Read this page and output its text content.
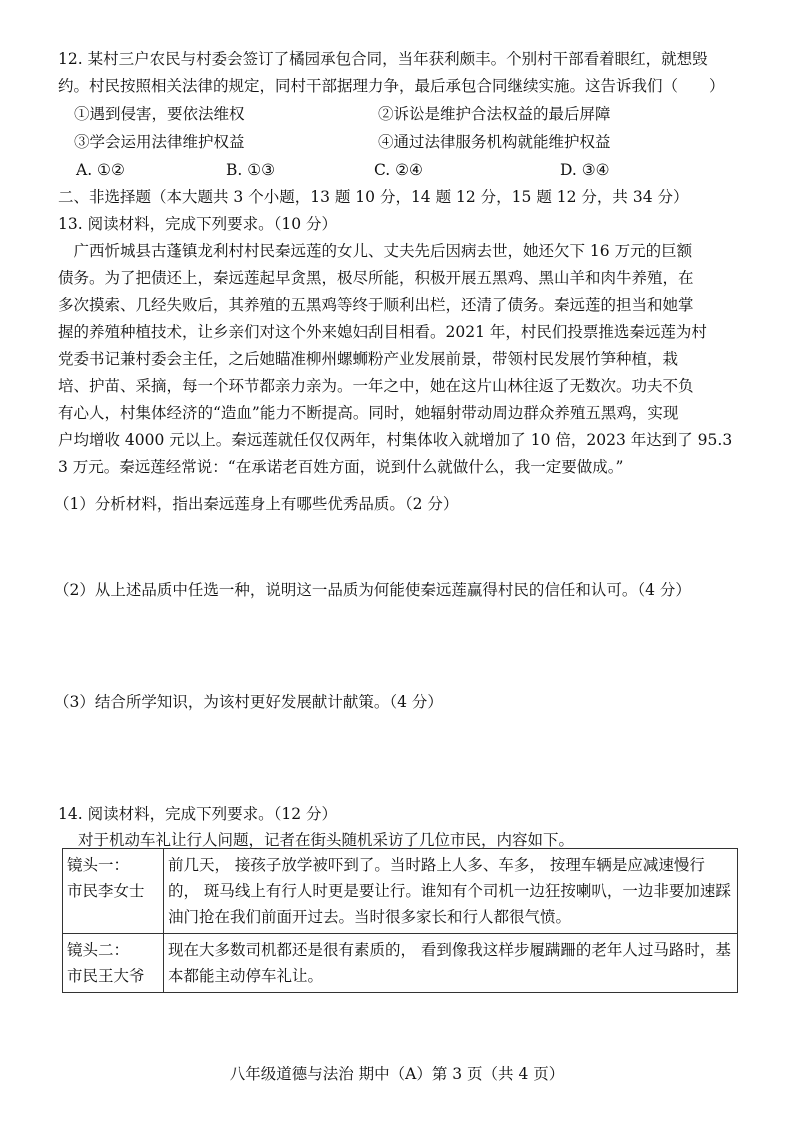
12. 某村三户农民与村委会签订了橘园承包合同，当年获利颇丰。个别村干部看着眼红，就想毁
约。村民按照相关法律的规定，同村干部据理力争，最后承包合同继续实施。这告诉我们（　　）
①遇到侵害，要依法维权	②诉讼是维护合法权益的最后屏障
③学会运用法律维护权益	④通过法律服务机构就能维护权益
A. ①②	B. ①③	C. ②④	D. ③④
二、非选择题（本大题共 3 个小题，13 题 10 分，14 题 12 分，15 题 12 分，共 34 分）
13. 阅读材料，完成下列要求。（10 分）
　广西忻城县古蓬镇龙利村村民秦远莲的女儿、丈夫先后因病去世，她还欠下 16 万元的巨额
债务。为了把债还上，秦远莲起早贪黑，极尽所能，积极开展五黑鸡、黑山羊和肉牛养殖，在
多次摸索、几经失败后，其养殖的五黑鸡等终于顺利出栏，还清了债务。秦远莲的担当和她掌
握的养殖种植技术，让乡亲们对这个外来媳妇刮目相看。2021 年，村民们投票推选秦远莲为村
党委书记兼村委会主任，之后她瞄准柳州螺蛳粉产业发展前景，带领村民发展竹笋种植，栽
培、护苗、采摘，每一个环节都亲力亲为。一年之中，她在这片山林往返了无数次。功夫不负
有心人，村集体经济的“造血”能力不断提高。同时，她辐射带动周边群众养殖五黑鸡，实现
户均增收 4000 元以上。秦远莲就任仅仅两年，村集体收入就增加了 10 倍，2023 年达到了 95.3
3 万元。秦远莲经常说：“在承诺老百姓方面，说到什么就做什么，我一定要做成。”
（1）分析材料，指出秦远莲身上有哪些优秀品质。（2 分）
（2）从上述品质中任选一种，说明这一品质为何能使秦远莲赢得村民的信任和认可。（4 分）
（3）结合所学知识，为该村更好发展献计献策。（4 分）
14. 阅读材料，完成下列要求。（12 分）
对于机动车礼让行人问题，记者在街头随机采访了几位市民，内容如下。
镜头一：
市民李女士	前几天， 接孩子放学被吓到了。当时路上人多、车多， 按理车辆是应减速慢行的， 斑马线上有行人时更是要让行。谁知有个司机一边狂按喇叭，一边非要加速踩油门抢在我们前面开过去。当时很多家长和行人都很气愤。
镜头二：
市民王大爷	现在大多数司机都还是很有素质的， 看到像我这样步履蹒跚的老年人过马路时，基本都能主动停车礼让。
八年级道德与法治 期中（A）第 3 页（共 4 页）
